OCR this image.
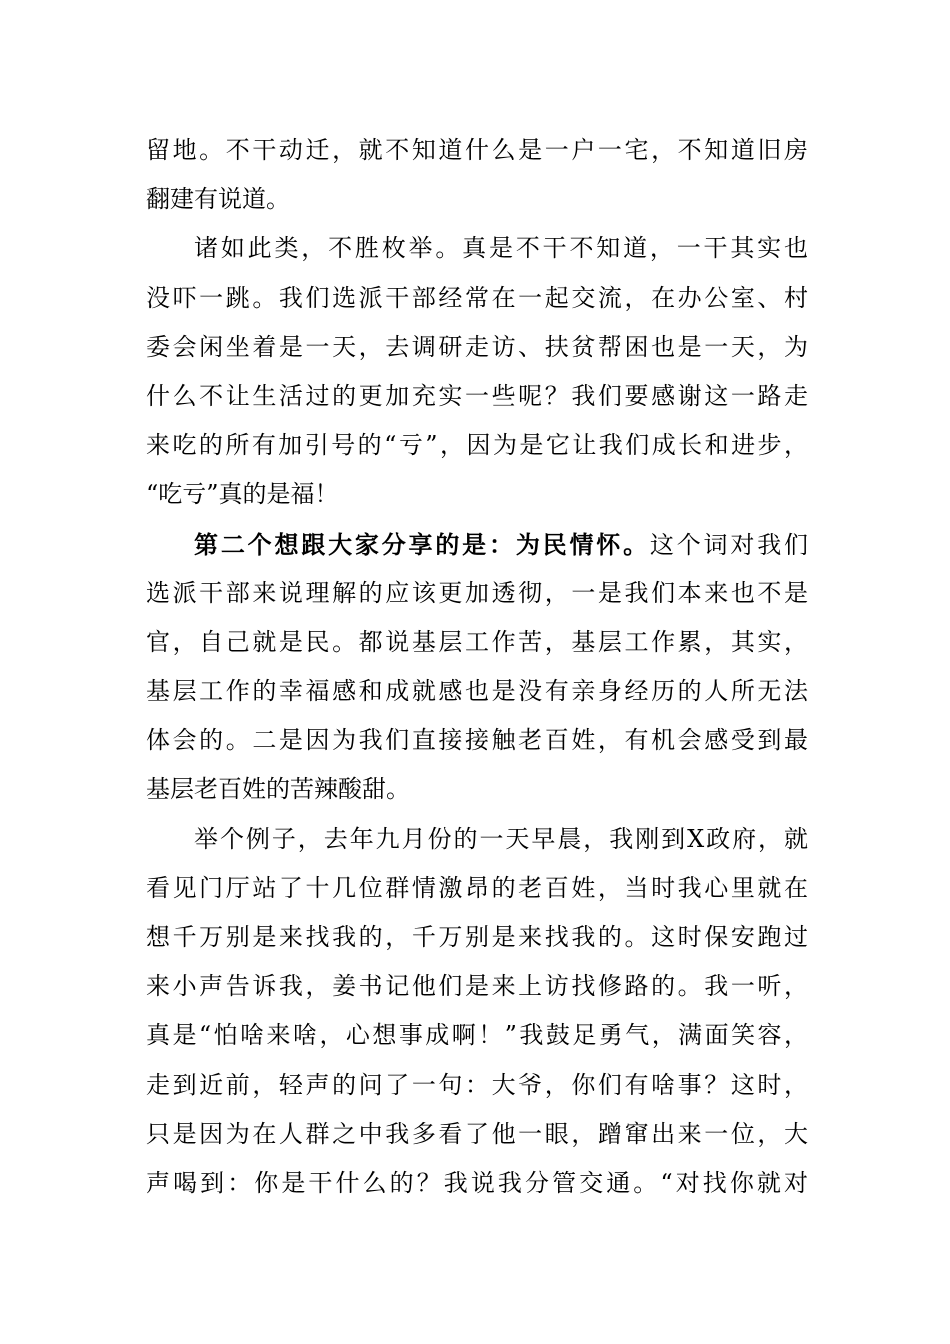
留地。不干动迁，就不知道什么是一户一宅，不知道旧房
翻建有说道。
诸如此类，不胜枚举。真是不干不知道，一干其实也
没吓一跳。我们选派干部经常在一起交流，在办公室、村
委会闲坐着是一天，去调研走访、扶贫帮困也是一天，为
什么不让生活过的更加充实一些呢？我们要感谢这一路走
来吃的所有加引号的“亏”，因为是它让我们成长和进步，
“吃亏”真的是福！
第二个想跟大家分享的是：为民情怀。这个词对我们
选派干部来说理解的应该更加透彻，一是我们本来也不是
官，自己就是民。都说基层工作苦，基层工作累，其实，
基层工作的幸福感和成就感也是没有亲身经历的人所无法
体会的。二是因为我们直接接触老百姓，有机会感受到最
基层老百姓的苦辣酸甜。
举个例子，去年九月份的一天早晨，我刚到X政府，就
看见门厅站了十几位群情激昂的老百姓，当时我心里就在
想千万别是来找我的，千万别是来找我的。这时保安跑过
来小声告诉我，姜书记他们是来上访找修路的。我一听，
真是“怕啥来啥，心想事成啊！”我鼓足勇气，满面笑容，
走到近前，轻声的问了一句：大爷，你们有啥事？这时，
只是因为在人群之中我多看了他一眼，蹭窜出来一位，大
声喝到：你是干什么的？我说我分管交通。“对找你就对
